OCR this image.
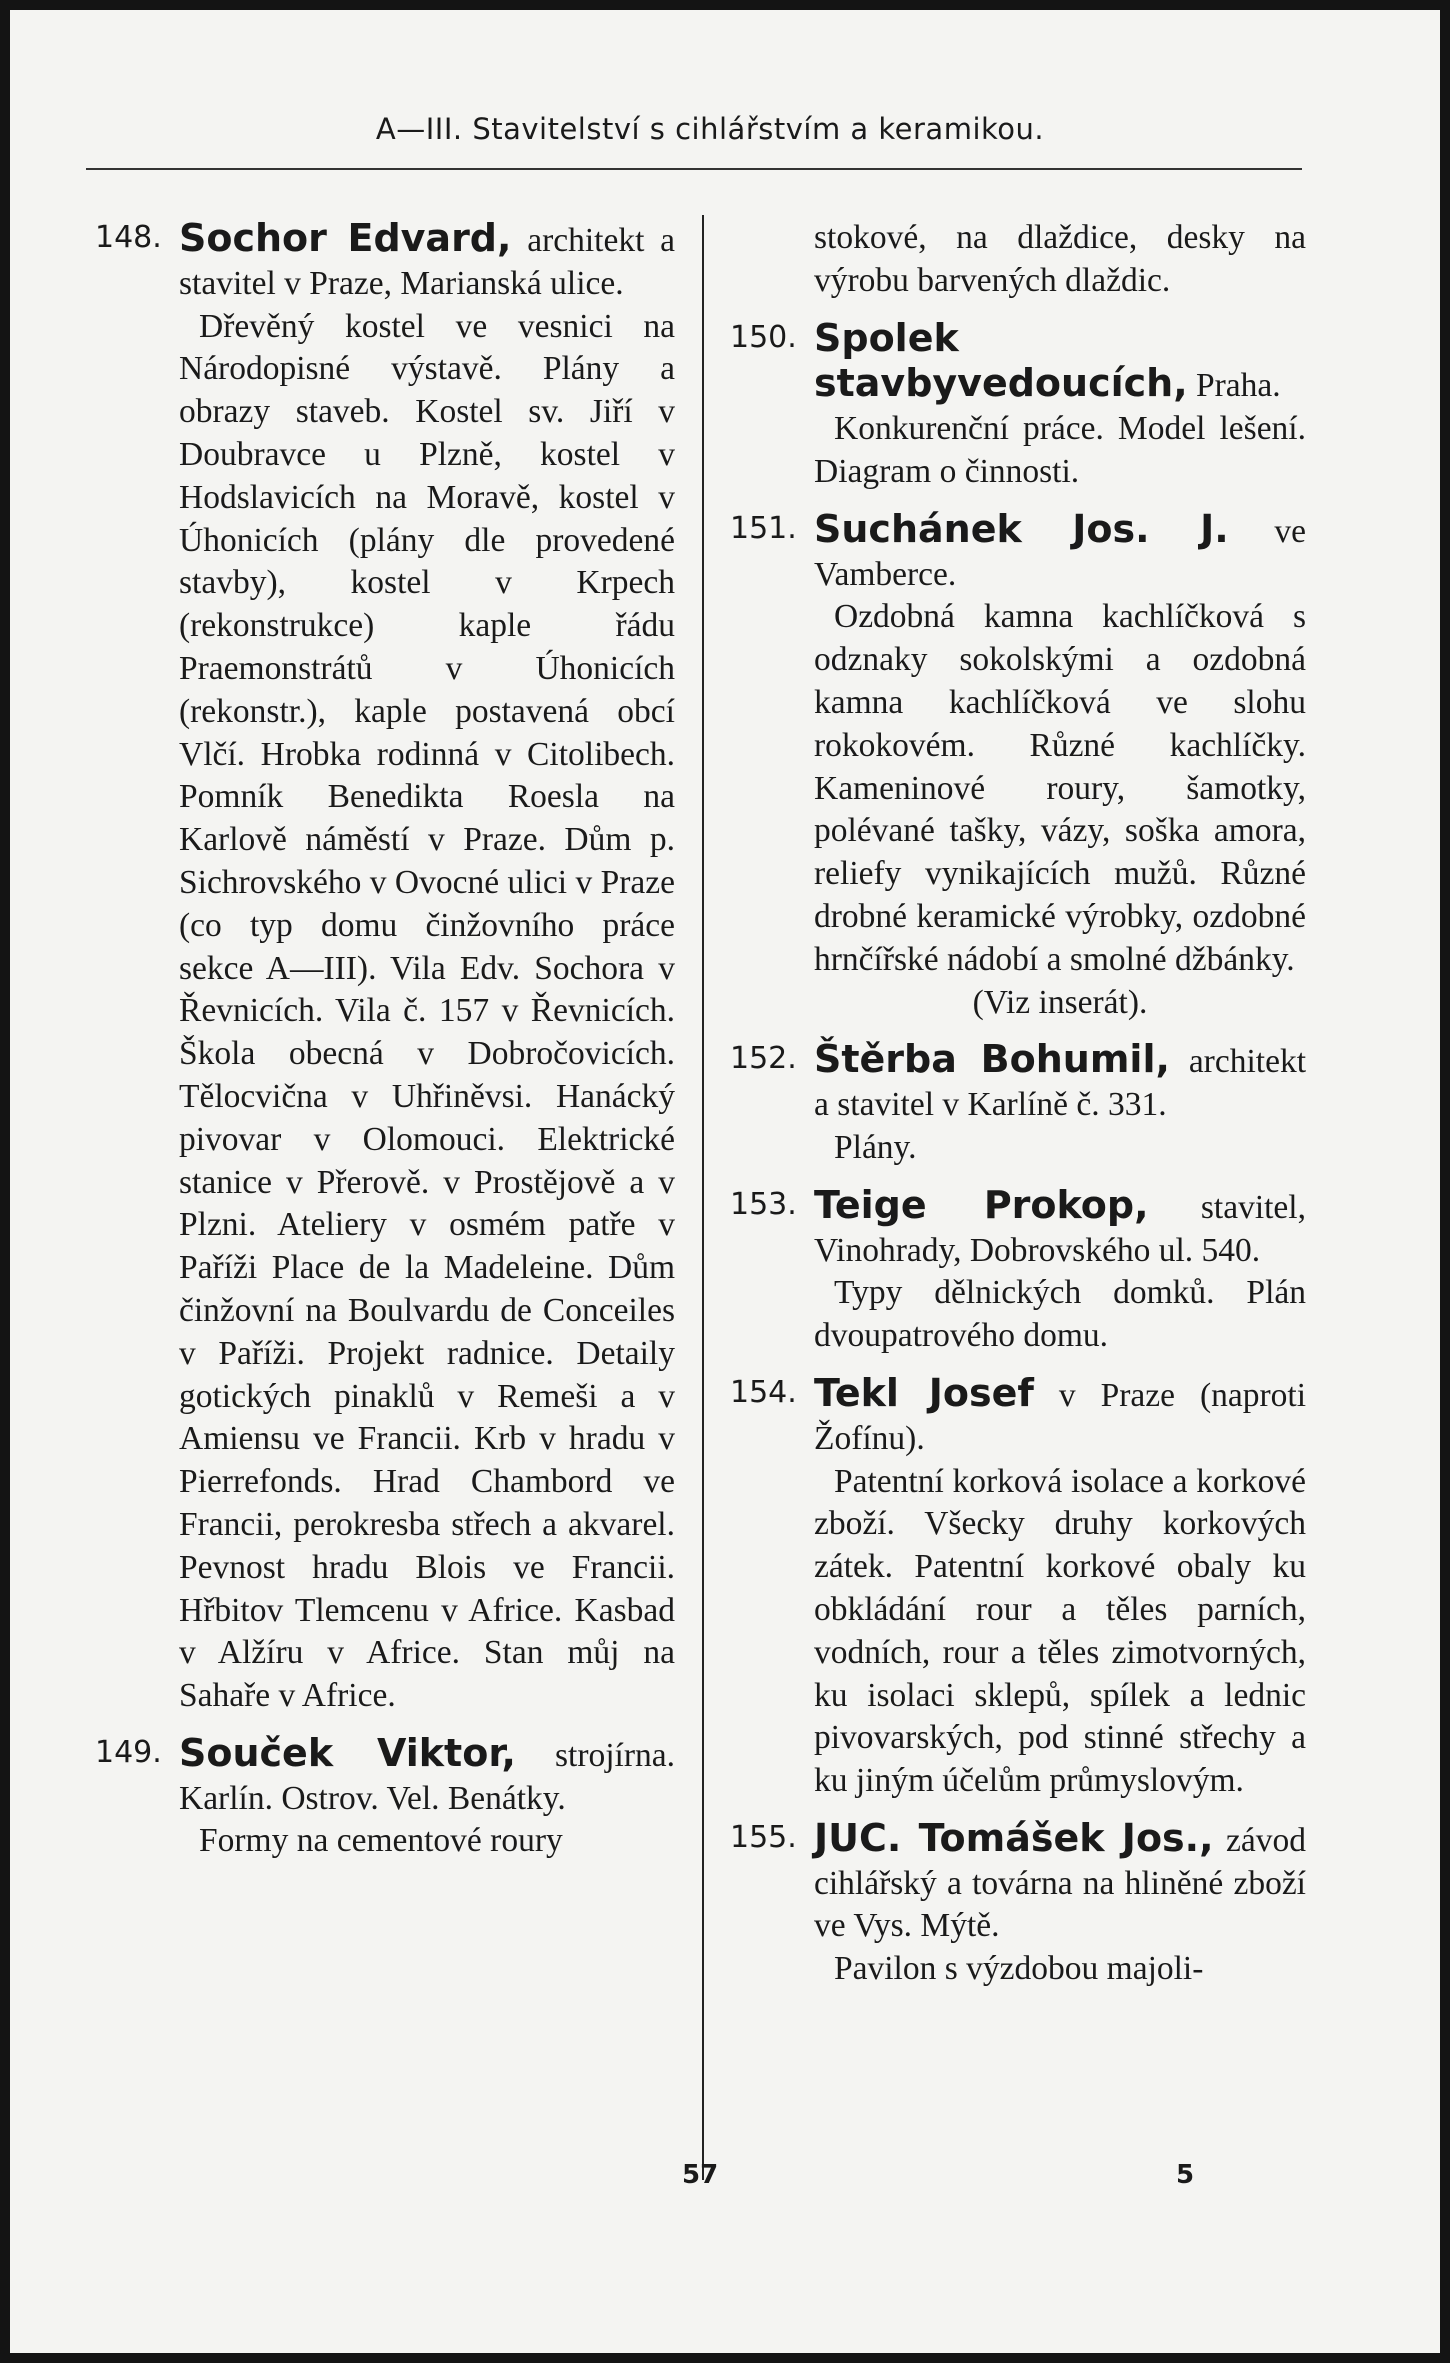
A—III. Stavitelství s cihlářstvím a keramikou.
148. Sochor Edvard, architekt a stavitel v Praze, Marianská ulice.
Dřevěný kostel ve vesnici na Národopisné výstavě. Plány a obrazy staveb. Kostel sv. Jiří v Doubravce u Plzně, kostel v Hodslavicích na Moravě, kostel v Úhonicích (plány dle provedené stavby), kostel v Krpech (rekonstrukce) kaple řádu Praemonstrátů v Úhonicích (rekonstr.), kaple postavená obcí Vlčí. Hrobka rodinná v Citolibech. Pomník Benedikta Roesla na Karlově náměstí v Praze. Dům p. Sichrovského v Ovocné ulici v Praze (co typ domu činžovního práce sekce A—III). Vila Edv. Sochora v Řevnicích. Vila č. 157 v Řevnicích. Škola obecná v Dobročovicích. Tělocvična v Uhřiněvsi. Hanácký pivovar v Olomouci. Elektrické stanice v Přerově. v Prostějově a v Plzni. Ateliery v osmém patře v Paříži Place de la Madeleine. Dům činžovní na Boulvardu de Conceiles v Paříži. Projekt radnice. Detaily gotických pinaklů v Remeši a v Amiensu ve Francii. Krb v hradu v Pierrefonds. Hrad Chambord ve Francii, perokresba střech a akvarel. Pevnost hradu Blois ve Francii. Hřbitov Tlemcenu v Africe. Kasbad v Alžíru v Africe. Stan můj na Sahaře v Africe.
149. Souček Viktor, strojírna. Karlín. Ostrov. Vel. Benátky.
Formy na cementové roury
stokové, na dlaždice, desky na výrobu barvených dlaždic.
150. Spolek stavbyvedoucích, Praha.
Konkurenční práce. Model lešení. Diagram o činnosti.
151. Suchánek Jos. J. ve Vamberce.
Ozdobná kamna kachlíčková s odznaky sokolskými a ozdobná kamna kachlíčková ve slohu rokokovém. Různé kachlíčky. Kameninové roury, šamotky, polévané tašky, vázy, soška amora, reliefy vynikajících mužů. Různé drobné keramické výrobky, ozdobné hrnčířské nádobí a smolné džbánky.
(Viz inserát).
152. Štěrba Bohumil, architekt a stavitel v Karlíně č. 331.
Plány.
153. Teige Prokop, stavitel, Vinohrady, Dobrovského ul. 540.
Typy dělnických domků. Plán dvoupatrového domu.
154. Tekl Josef v Praze (naproti Žofínu).
Patentní korková isolace a korkové zboží. Všecky druhy korkových zátek. Patentní korkové obaly ku obkládání rour a těles parních, vodních, rour a těles zimotvorných, ku isolaci sklepů, spílek a lednic pivovarských, pod stinné střechy a ku jiným účelům průmyslovým.
155. JUC. Tomášek Jos., závod cihlářský a továrna na hliněné zboží ve Vys. Mýtě.
Pavilon s výzdobou majoli-
57	5
